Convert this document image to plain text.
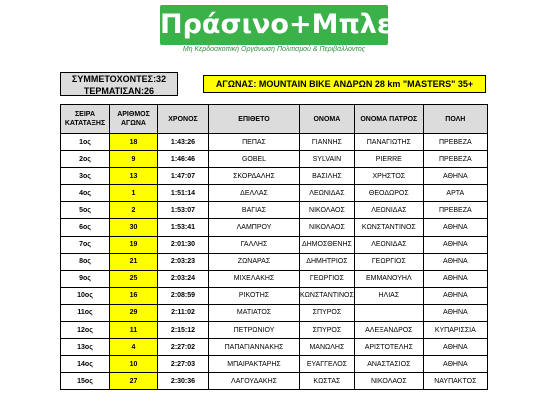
Πράσινο+Μπλε
Μη Κερδοσκοπική Οργάνωση Πολιτισμού & Περιβάλλοντος
ΣΥΜΜΕΤΟΧΟΝΤΕΣ:32
ΤΕΡΜΑΤΙΣΑΝ:26
ΑΓΩΝΑΣ: MOUNTAIN BIKE ΑΝΔΡΩΝ 28 km "MASTERS" 35+
ΣΕΙΡΑ ΚΑΤΑΤΑΞΗΣ	ΑΡΙΘΜΟΣ ΑΓΩΝΑ	ΧΡΟΝΟΣ	ΕΠΙΘΕΤΟ	ΟΝΟΜΑ	ΟΝΟΜΑ ΠΑΤΡΟΣ	ΠΟΛΗ
1ος	18	1:43:26	ΠΕΠΑΣ	ΓΙΑΝΝΗΣ	ΠΑΝΑΓΙΩΤΗΣ	ΠΡΕΒΕΖΑ
2ος	9	1:46:46	GOBEL	SYLVAIN	PIERRE	ΠΡΕΒΕΖΑ
3ος	13	1:47:07	ΣΚΟΡΔΑΛΗΣ	ΒΑΣΙΛΗΣ	ΧΡΗΣΤΟΣ	ΑΘΗΝΑ
4ος	1	1:51:14	ΔΕΛΛΑΣ	ΛΕΩΝΙΔΑΣ	ΘΕΟΔΩΡΟΣ	ΑΡΤΑ
5ος	2	1:53:07	ΒΑΓΙΑΣ	ΝΙΚΟΛΑΟΣ	ΛΕΩΝΙΔΑΣ	ΠΡΕΒΕΖΑ
6ος	30	1:53:41	ΛΑΜΠΡΟΥ	ΝΙΚΟΛΑΟΣ	ΚΩΝΣΤΑΝΤΙΝΟΣ	ΑΘΗΝΑ
7ος	19	2:01:30	ΓΑΛΛΗΣ	ΔΗΜΟΣΘΕΝΗΣ	ΛΕΩΝΙΔΑΣ	ΑΘΗΝΑ
8ος	21	2:03:23	ΖΩΝΑΡΑΣ	ΔΗΜΗΤΡΙΟΣ	ΓΕΩΡΓΙΟΣ	ΑΘΗΝΑ
9ος	25	2:03:24	ΜΙΧΕΛΑΚΗΣ	ΓΕΩΡΓΙΟΣ	ΕΜΜΑΝΟΥΗΛ	ΑΘΗΝΑ
10ος	16	2:08:59	ΡΙΚΟΤΗΣ	ΚΩΝΣΤΑΝΤΙΝΟΣ	ΗΛΙΑΣ	ΑΘΗΝΑ
11ος	29	2:11:02	ΜΑΤΙΑΤΟΣ	ΣΠΥΡΟΣ		ΑΘΗΝΑ
12ος	11	2:15:12	ΠΕΤΡΩΝΙΟΥ	ΣΠΥΡΟΣ	ΑΛΕΞΑΝΔΡΟΣ	ΚΥΠΑΡΙΣΣΙΑ
13ος	4	2:27:02	ΠΑΠΑΓΙΑΝΝΑΚΗΣ	ΜΑΝΩΛΗΣ	ΑΡΙΣΤΟΤΕΛΗΣ	ΑΘΗΝΑ
14ος	10	2:27:03	ΜΠΑΙΡΑΚΤΑΡΗΣ	ΕΥΑΓΓΕΛΟΣ	ΑΝΑΣΤΑΣΙΟΣ	ΑΘΗΝΑ
15ος	27	2:30:36	ΛΑΓΟΥΔΑΚΗΣ	ΚΩΣΤΑΣ	ΝΙΚΟΛΑΟΣ	ΝΑΥΠΑΚΤΟΣ
